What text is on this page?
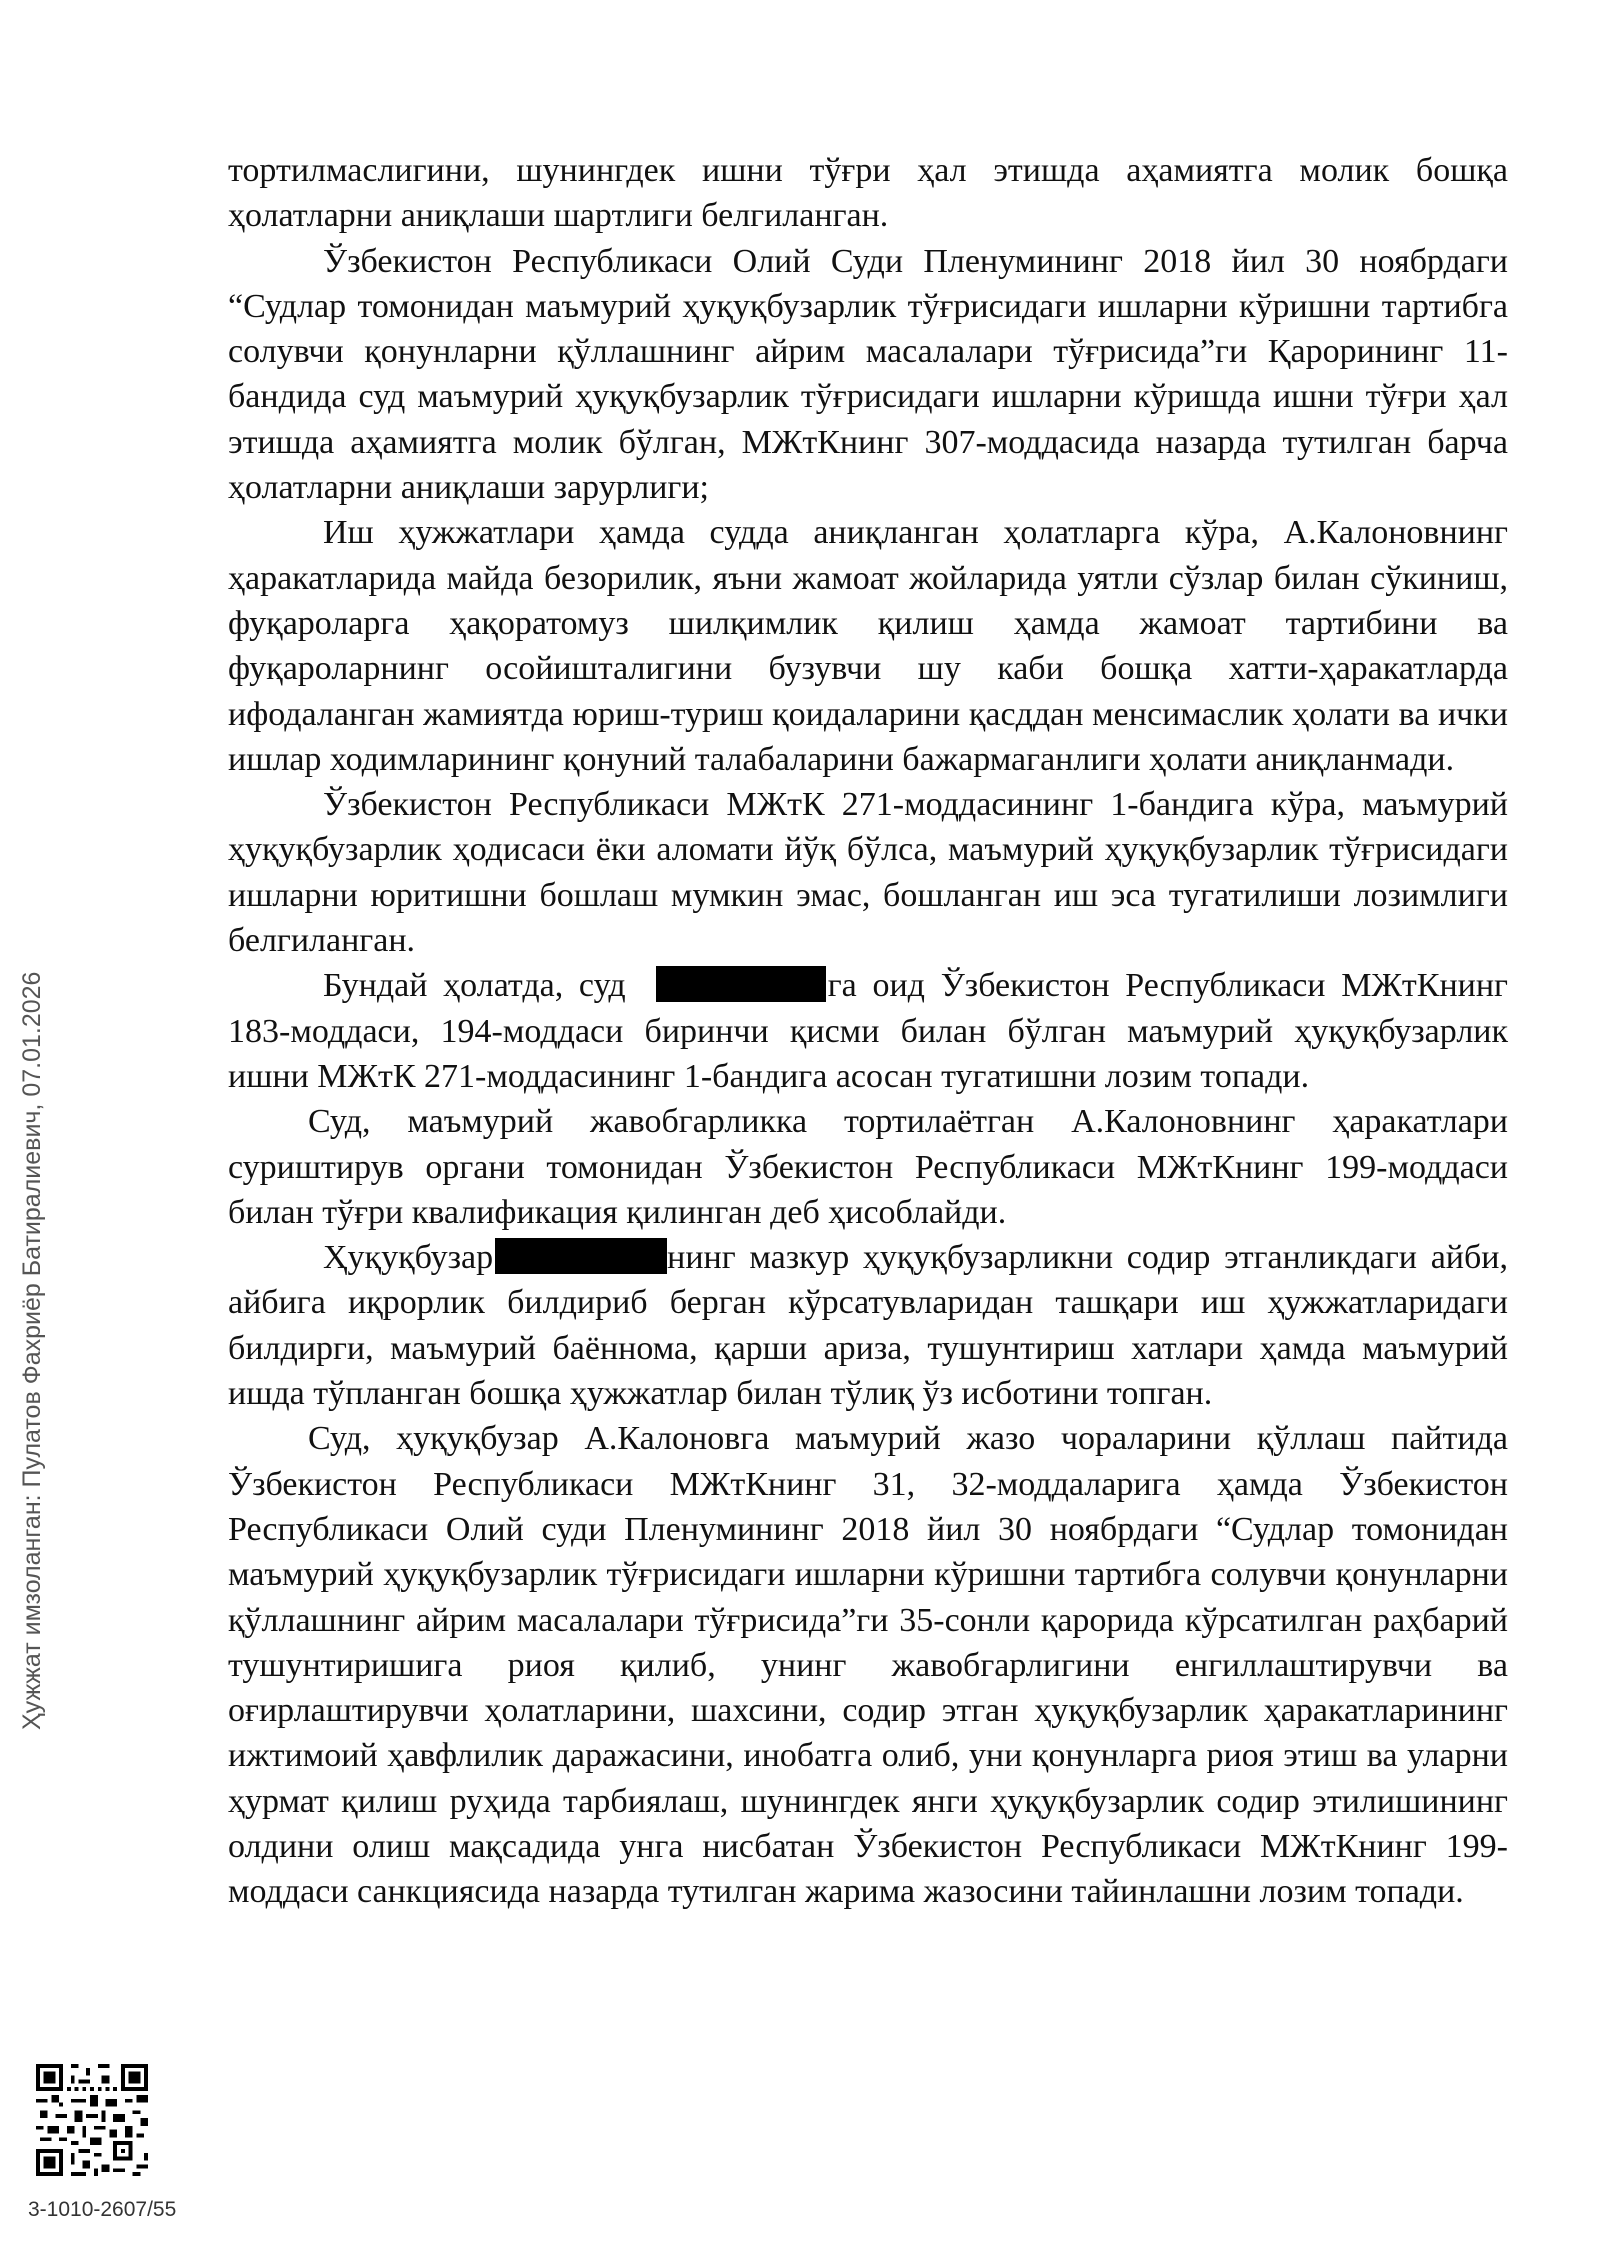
тортилмаслигини, шунингдек ишни тўғри ҳал этишда аҳамиятга молик бошқа ҳолатларни аниқлаши шартлиги белгиланган.

Ўзбекистон Республикаси Олий Суди Пленумининг 2018 йил 30 ноябрдаги “Судлар томонидан маъмурий ҳуқуқбузарлик тўғрисидаги ишларни кўришни тартибга солувчи қонунларни қўллашнинг айрим масалалари тўғрисида”ги Қарорининг 11-бандида суд маъмурий ҳуқуқбузарлик тўғрисидаги ишларни кўришда ишни тўғри ҳал этишда аҳамиятга молик бўлган, МЖтКнинг 307-моддасида назарда тутилган барча ҳолатларни аниқлаши зарурлиги;

Иш ҳужжатлари ҳамда судда аниқланган ҳолатларга кўра, А.Калоновнинг ҳаракатларида майда безорилик, яъни жамоат жойларида уятли сўзлар билан сўкиниш, фуқароларга ҳақоратомуз шилқимлик қилиш ҳамда жамоат тартибини ва фуқароларнинг осойишталигини бузувчи шу каби бошқа хатти-ҳаракатларда ифодаланган жамиятда юриш-туриш қоидаларини қасддан менсимаслик ҳолати ва ички ишлар ходимларининг қонуний талабаларини бажармаганлиги ҳолати аниқланмади.

Ўзбекистон Республикаси МЖтК 271-моддасининг 1-бандига кўра, маъмурий ҳуқуқбузарлик ҳодисаси ёки аломати йўқ бўлса, маъмурий ҳуқуқбузарлик тўғрисидаги ишларни юритишни бошлаш мумкин эмас, бошланган иш эса тугатилиши лозимлиги белгиланган.

Бундай ҳолатда, суд	га оид Ўзбекистон Республикаси МЖтКнинг 183-моддаси, 194-моддаси биринчи қисми билан бўлган маъмурий ҳуқуқбузарлик ишни МЖтК 271-моддасининг 1-бандига асосан тугатишни лозим топади.

Суд, маъмурий жавобгарликка тортилаётган А.Калоновнинг ҳаракатлари суриштирув органи томонидан Ўзбекистон Республикаси МЖтКнинг 199-моддаси билан тўғри квалификация қилинган деб ҳисоблайди.

Ҳуқуқбузар	нинг мазкур ҳуқуқбузарликни содир этганликдаги айби, айбига иқрорлик билдириб берган кўрсатувларидан ташқари иш ҳужжатларидаги билдирги, маъмурий баённома, қарши ариза, тушунтириш хатлари ҳамда маъмурий ишда тўпланган бошқа ҳужжатлар билан тўлиқ ўз исботини топган.

Суд, ҳуқуқбузар А.Калоновга маъмурий жазо чораларини қўллаш пайтида Ўзбекистон Республикаси МЖтКнинг 31, 32-моддаларига ҳамда Ўзбекистон Республикаси Олий суди Пленумининг 2018 йил 30 ноябрдаги “Судлар томонидан маъмурий ҳуқуқбузарлик тўғрисидаги ишларни кўришни тартибга солувчи қонунларни қўллашнинг айрим масалалари тўғрисида”ги 35-сонли қарорида кўрсатилган раҳбарий тушунтиришига риоя қилиб, унинг жавобгарлигини енгиллаштирувчи ва оғирлаштирувчи ҳолатларини, шахсини, содир этган ҳуқуқбузарлик ҳаракатларининг ижтимоий ҳавфлилик даражасини, инобатга олиб, уни қонунларга риоя этиш ва уларни ҳурмат қилиш руҳида тарбиялаш, шунингдек янги ҳуқуқбузарлик содир этилишининг олдини олиш мақсадида унга нисбатан Ўзбекистон Республикаси МЖтКнинг 199-моддаси санкциясида назарда тутилган жарима жазосини тайинлашни лозим топади.

Ҳужжат имзоланган: Пулатов Фахриёр Батиралиевич, 07.01.2026
3-1010-2607/55
